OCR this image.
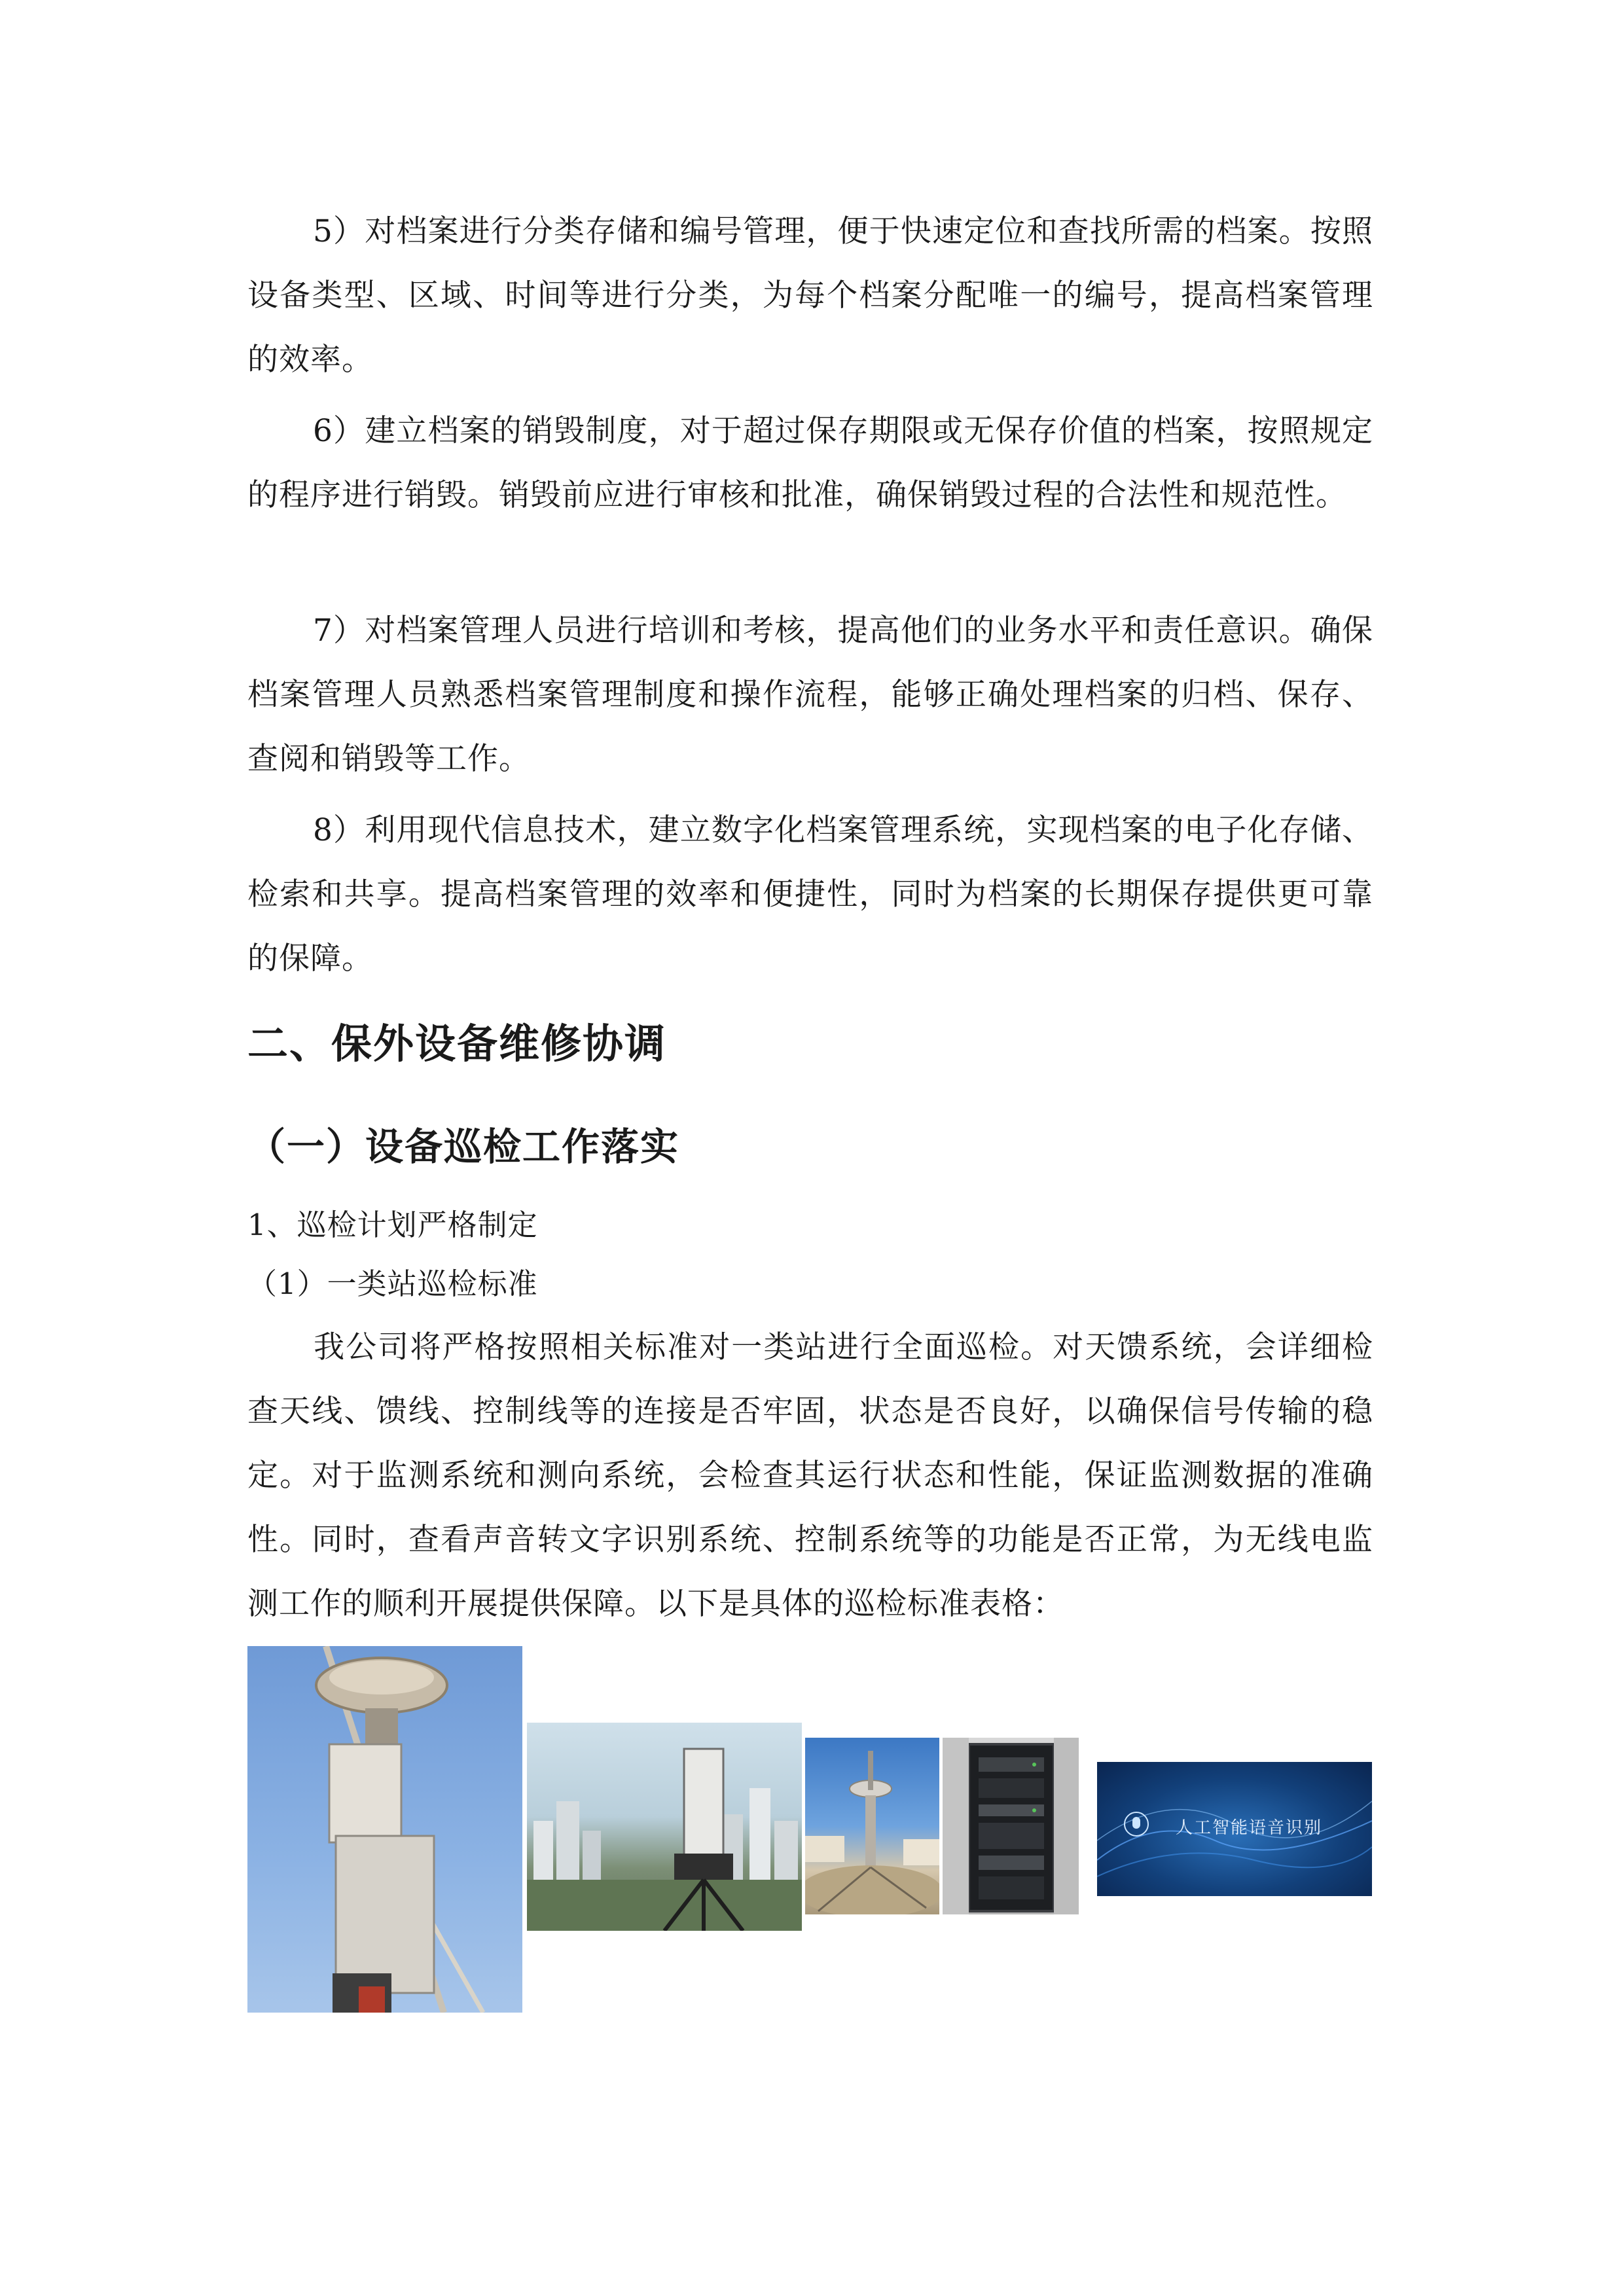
5）对档案进行分类存储和编号管理，便于快速定位和查找所需的档案。按照设备类型、区域、时间等进行分类，为每个档案分配唯一的编号，提高档案管理的效率。

6）建立档案的销毁制度，对于超过保存期限或无保存价值的档案，按照规定的程序进行销毁。销毁前应进行审核和批准，确保销毁过程的合法性和规范性。

7）对档案管理人员进行培训和考核，提高他们的业务水平和责任意识。确保档案管理人员熟悉档案管理制度和操作流程，能够正确处理档案的归档、保存、查阅和销毁等工作。

8）利用现代信息技术，建立数字化档案管理系统，实现档案的电子化存储、检索和共享。提高档案管理的效率和便捷性，同时为档案的长期保存提供更可靠的保障。

二、保外设备维修协调
（一）设备巡检工作落实

1、巡检计划严格制定

（1）一类站巡检标准

我公司将严格按照相关标准对一类站进行全面巡检。对天馈系统，会详细检查天线、馈线、控制线等的连接是否牢固，状态是否良好，以确保信号传输的稳定。对于监测系统和测向系统，会检查其运行状态和性能，保证监测数据的准确性。同时，查看声音转文字识别系统、控制系统等的功能是否正常，为无线电监测工作的顺利开展提供保障。以下是具体的巡检标准表格：

人工智能语音识别
